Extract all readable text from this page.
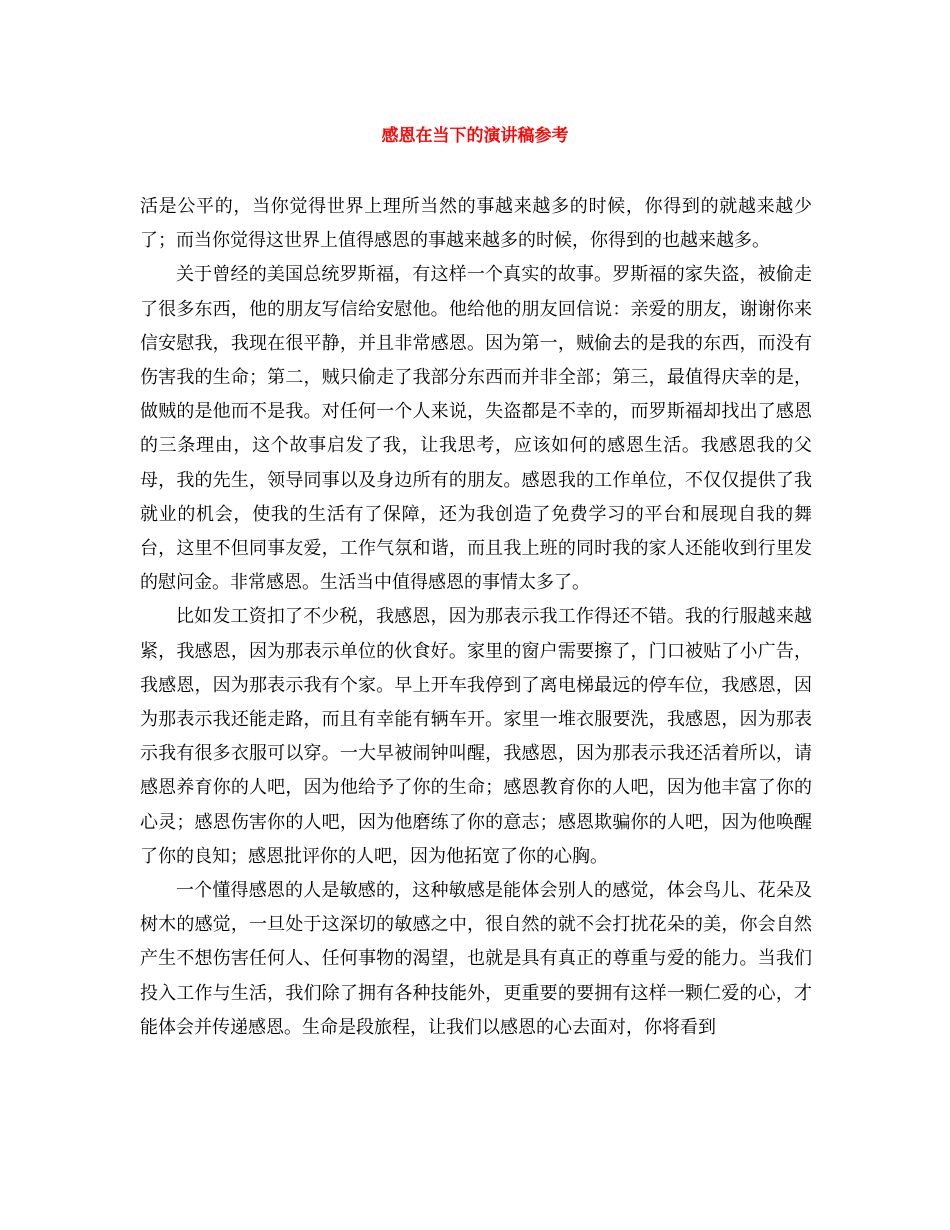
感恩在当下的演讲稿参考

活是公平的，当你觉得世界上理所当然的事越来越多的时候，你得到的就越来越少了；而当你觉得这世界上值得感恩的事越来越多的时候，你得到的也越来越多。

关于曾经的美国总统罗斯福，有这样一个真实的故事。罗斯福的家失盗，被偷走了很多东西，他的朋友写信给安慰他。他给他的朋友回信说：亲爱的朋友，谢谢你来信安慰我，我现在很平静，并且非常感恩。因为第一，贼偷去的是我的东西，而没有伤害我的生命；第二，贼只偷走了我部分东西而并非全部；第三，最值得庆幸的是，做贼的是他而不是我。对任何一个人来说，失盗都是不幸的，而罗斯福却找出了感恩的三条理由，这个故事启发了我，让我思考，应该如何的感恩生活。我感恩我的父母，我的先生，领导同事以及身边所有的朋友。感恩我的工作单位，不仅仅提供了我就业的机会，使我的生活有了保障，还为我创造了免费学习的平台和展现自我的舞台，这里不但同事友爱，工作气氛和谐，而且我上班的同时我的家人还能收到行里发的慰问金。非常感恩。生活当中值得感恩的事情太多了。

比如发工资扣了不少税，我感恩，因为那表示我工作得还不错。我的行服越来越紧，我感恩，因为那表示单位的伙食好。家里的窗户需要擦了，门口被贴了小广告，我感恩，因为那表示我有个家。早上开车我停到了离电梯最远的停车位，我感恩，因为那表示我还能走路，而且有幸能有辆车开。家里一堆衣服要洗，我感恩，因为那表示我有很多衣服可以穿。一大早被闹钟叫醒，我感恩，因为那表示我还活着所以，请感恩养育你的人吧，因为他给予了你的生命；感恩教育你的人吧，因为他丰富了你的心灵；感恩伤害你的人吧，因为他磨练了你的意志；感恩欺骗你的人吧，因为他唤醒了你的良知；感恩批评你的人吧，因为他拓宽了你的心胸。

一个懂得感恩的人是敏感的，这种敏感是能体会别人的感觉，体会鸟儿、花朵及树木的感觉，一旦处于这深切的敏感之中，很自然的就不会打扰花朵的美，你会自然产生不想伤害任何人、任何事物的渴望，也就是具有真正的尊重与爱的能力。当我们投入工作与生活，我们除了拥有各种技能外，更重要的要拥有这样一颗仁爱的心，才能体会并传递感恩。生命是段旅程，让我们以感恩的心去面对，你将看到
